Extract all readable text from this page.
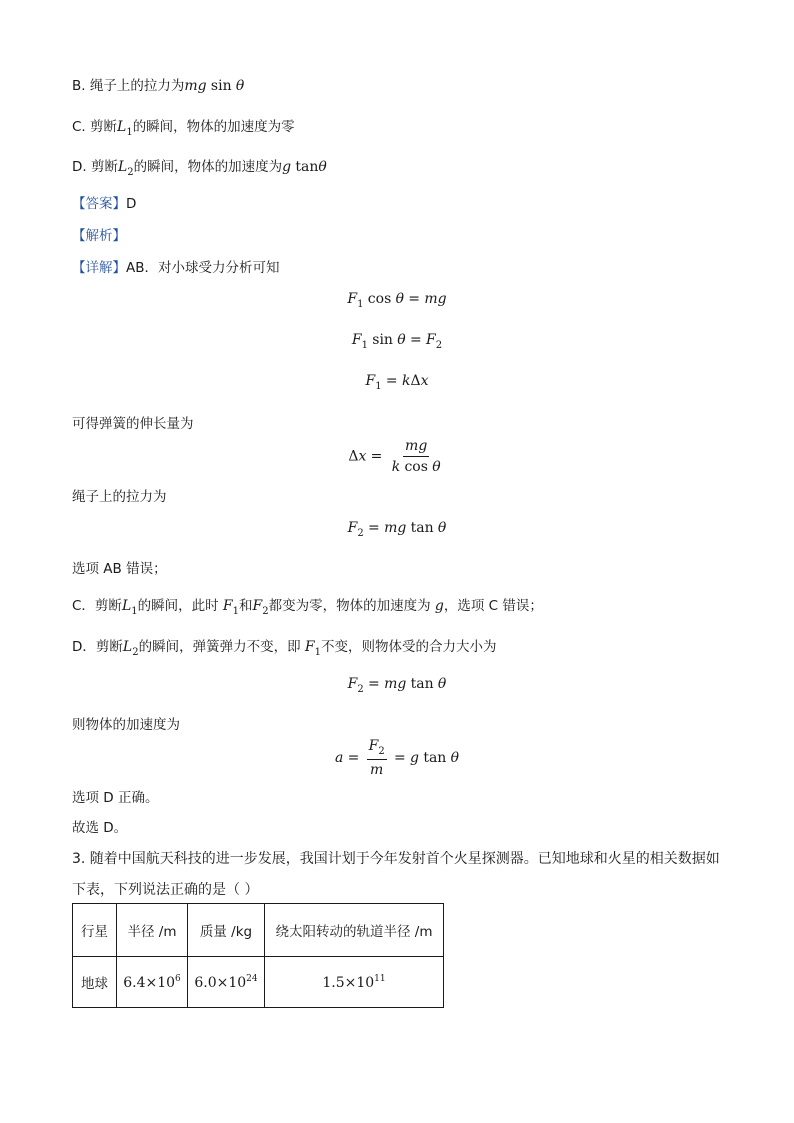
B. 绳子上的拉力为mg sin θ
C. 剪断$L_1$的瞬间，物体的加速度为零
D. 剪断$L_2$的瞬间，物体的加速度为g tanθ
【答案】D
【解析】
【详解】AB．对小球受力分析可知
$F_1$ cos θ = mg
$F_1$ $\sin \theta = F_2$
$F_1 = k\Delta x$
可得弹簧的伸长量为
$\Delta x = \frac{mg}{\text{k cos θ}}$
绳子上的拉力为
$F_2$ = mg tan θ
选项 AB 错误；
C．剪断$L_1$的瞬间，此时 $F_1$和$F_2$都变为零，物体的加速度为 g，选项 C 错误；
D．剪断$L_2$的瞬间，弹簧弹力不变，即 $F_1$不变，则物体受的合力大小为
$F_2$ = mg tan θ
则物体的加速度为
$a = \frac{F_2}{m} = g$ tan θ
选项 D 正确。
故选 D。
3. 随着中国航天科技的进一步发展，我国计划于今年发射首个火星探测器。已知地球和火星的相关数据如
下表，下列说法正确的是（ ）
行星	半径 /m	质量 /kg	绕太阳转动的轨道半径 /m
地球	$6.4\times 10^6$	$6.0\times 10^{24}$	$1.5\times 10^{11}$
